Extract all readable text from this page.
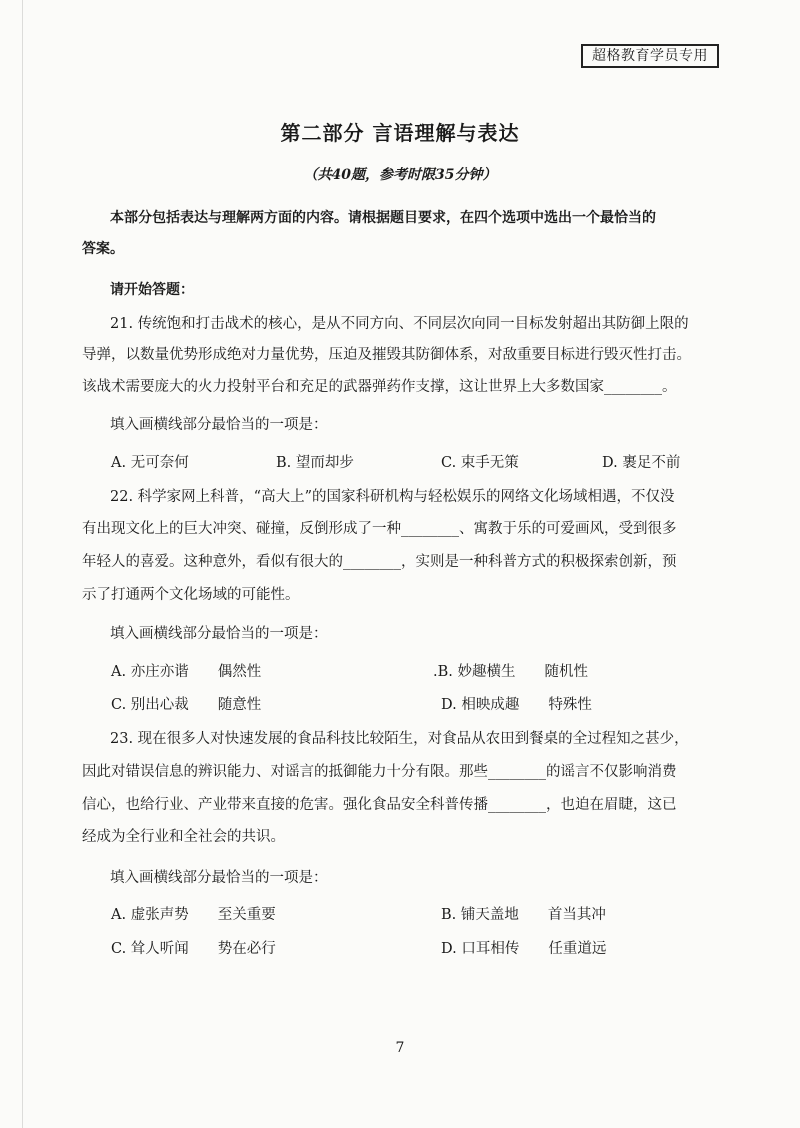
超格教育学员专用
第二部分 言语理解与表达
（共40题，参考时限35分钟）
本部分包括表达与理解两方面的内容。请根据题目要求，在四个选项中选出一个最恰当的
答案。
请开始答题：
21. 传统饱和打击战术的核心，是从不同方向、不同层次向同一目标发射超出其防御上限的
导弹，以数量优势形成绝对力量优势，压迫及摧毁其防御体系，对敌重要目标进行毁灭性打击。
该战术需要庞大的火力投射平台和充足的武器弹药作支撑，这让世界上大多数国家________。
填入画横线部分最恰当的一项是：
A. 无可奈何	B. 望而却步	C. 束手无策	D. 裹足不前
22. 科学家网上科普，“高大上”的国家科研机构与轻松娱乐的网络文化场域相遇，不仅没
有出现文化上的巨大冲突、碰撞，反倒形成了一种________、寓教于乐的可爱画风，受到很多
年轻人的喜爱。这种意外，看似有很大的________，实则是一种科普方式的积极探索创新，预
示了打通两个文化场域的可能性。
填入画横线部分最恰当的一项是：
A. 亦庄亦谐　　偶然性	.B. 妙趣横生　　随机性
C. 别出心裁　　随意性	D. 相映成趣　　特殊性
23. 现在很多人对快速发展的食品科技比较陌生，对食品从农田到餐桌的全过程知之甚少，
因此对错误信息的辨识能力、对谣言的抵御能力十分有限。那些________的谣言不仅影响消费
信心，也给行业、产业带来直接的危害。强化食品安全科普传播________，也迫在眉睫，这已
经成为全行业和全社会的共识。
填入画横线部分最恰当的一项是：
A. 虚张声势　　至关重要	B. 铺天盖地　　首当其冲
C. 耸人听闻　　势在必行	D. 口耳相传　　任重道远
7
